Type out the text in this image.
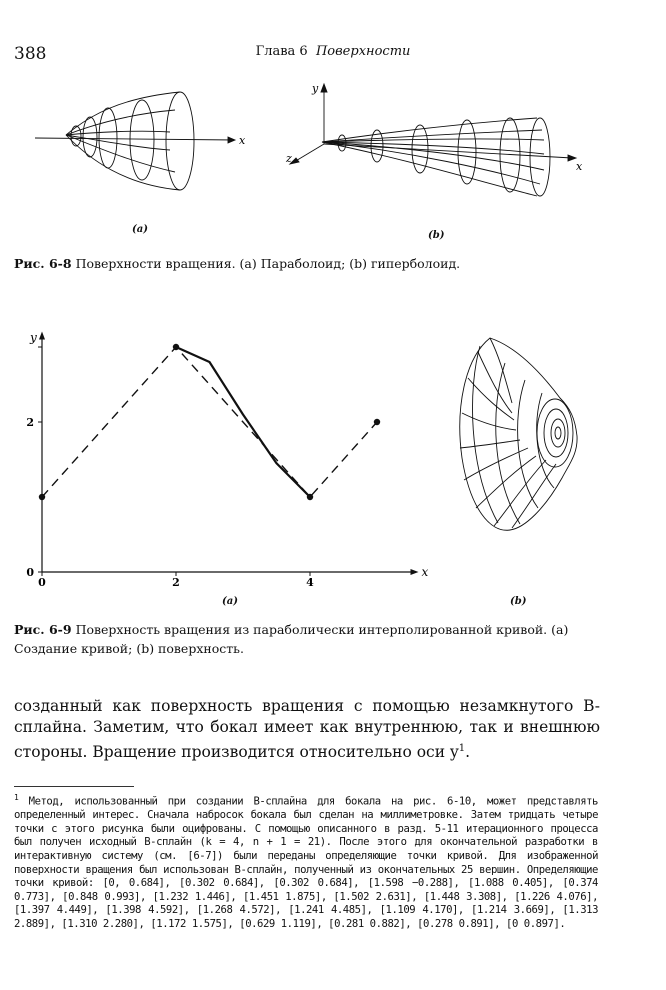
388	Глава 6 Поверхности
x
y
z
x
(a)
(b)
Рис. 6-8 Поверхности вращения. (a) Параболоид; (b) гиперболоид.
x
y
0	2	4
0
2
(a)	(b)
Рис. 6-9 Поверхность вращения из параболически интерполированной кривой. (a) Создание кривой; (b) поверхность.
созданный как поверхность вращения с помощью незамкнутого B-сплайна. Заметим, что бокал имеет как внутреннюю, так и внешнюю стороны. Вращение производится относительно оси $y^1$.
$^1$ Метод, использованный при создании B-сплайна для бокала на рис. 6-10, может представлять определенный интерес. Сначала набросок бокала был сделан на миллиметровке. Затем тридцать четыре точки с этого рисунка были оцифрованы. С помощью описанного в разд. 5-11 итерационного процесса был получен исходный B-сплайн (k = 4, n + 1 = 21). После этого для окончательной разработки в интерактивную систему (см. [6-7]) были переданы определяющие точки кривой. Для изображенной поверхности вращения был использован B-сплайн, полученный из окончательных 25 вершин. Определяющие точки кривой: [0, 0.684], [0.302 0.684], [0.302 0.684], [1.598 −0.288], [1.088 0.405], [0.374 0.773], [0.848 0.993], [1.232 1.446], [1.451 1.875], [1.502 2.631], [1.448 3.308], [1.226 4.076], [1.397 4.449], [1.398 4.592], [1.268 4.572], [1.241 4.485], [1.109 4.170], [1.214 3.669], [1.313 2.889], [1.310 2.280], [1.172 1.575], [0.629 1.119], [0.281 0.882], [0.278 0.891], [0 0.897].
